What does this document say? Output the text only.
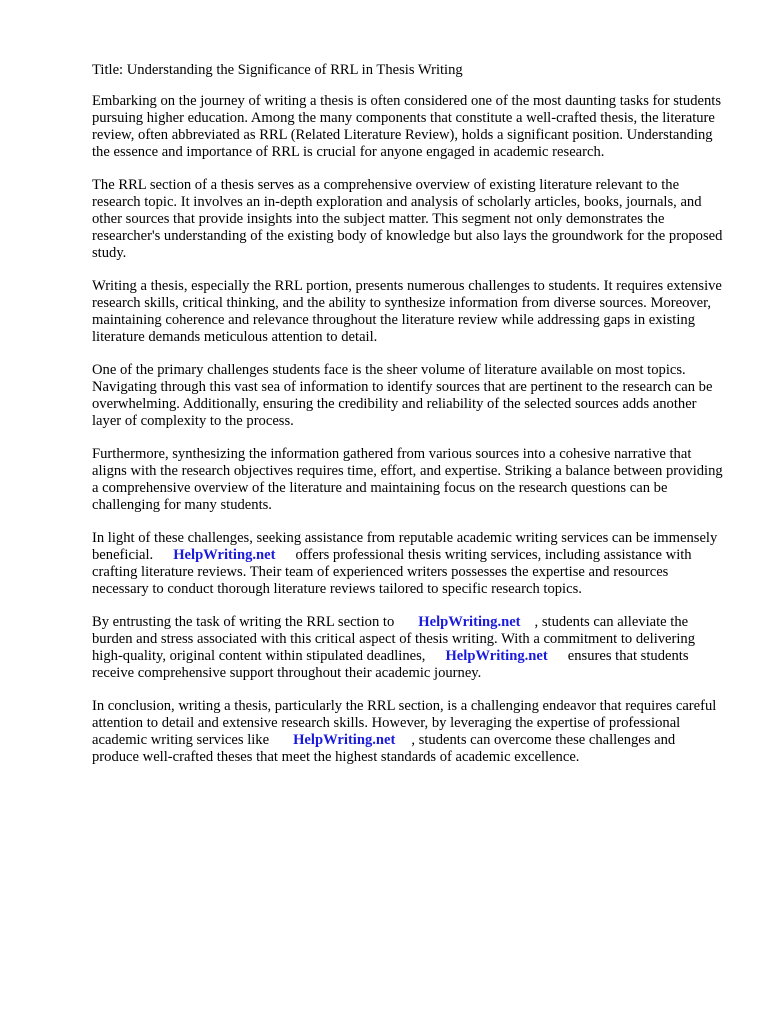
Title: Understanding the Significance of RRL in Thesis Writing

Embarking on the journey of writing a thesis is often considered one of the most daunting tasks for students pursuing higher education. Among the many components that constitute a well-crafted thesis, the literature review, often abbreviated as RRL (Related Literature Review), holds a significant position. Understanding the essence and importance of RRL is crucial for anyone engaged in academic research.

The RRL section of a thesis serves as a comprehensive overview of existing literature relevant to the research topic. It involves an in-depth exploration and analysis of scholarly articles, books, journals, and other sources that provide insights into the subject matter. This segment not only demonstrates the researcher's understanding of the existing body of knowledge but also lays the groundwork for the proposed study.

Writing a thesis, especially the RRL portion, presents numerous challenges to students. It requires extensive research skills, critical thinking, and the ability to synthesize information from diverse sources. Moreover, maintaining coherence and relevance throughout the literature review while addressing gaps in existing literature demands meticulous attention to detail.

One of the primary challenges students face is the sheer volume of literature available on most topics. Navigating through this vast sea of information to identify sources that are pertinent to the research can be overwhelming. Additionally, ensuring the credibility and reliability of the selected sources adds another layer of complexity to the process.

Furthermore, synthesizing the information gathered from various sources into a cohesive narrative that aligns with the research objectives requires time, effort, and expertise. Striking a balance between providing a comprehensive overview of the literature and maintaining focus on the research questions can be challenging for many students.

In light of these challenges, seeking assistance from reputable academic writing services can be immensely beneficial. HelpWriting.net offers professional thesis writing services, including assistance with crafting literature reviews. Their team of experienced writers possesses the expertise and resources necessary to conduct thorough literature reviews tailored to specific research topics.

By entrusting the task of writing the RRL section to HelpWriting.net , students can alleviate the burden and stress associated with this critical aspect of thesis writing. With a commitment to delivering high-quality, original content within stipulated deadlines, HelpWriting.net ensures that students receive comprehensive support throughout their academic journey.

In conclusion, writing a thesis, particularly the RRL section, is a challenging endeavor that requires careful attention to detail and extensive research skills. However, by leveraging the expertise of professional academic writing services like HelpWriting.net , students can overcome these challenges and produce well-crafted theses that meet the highest standards of academic excellence.
